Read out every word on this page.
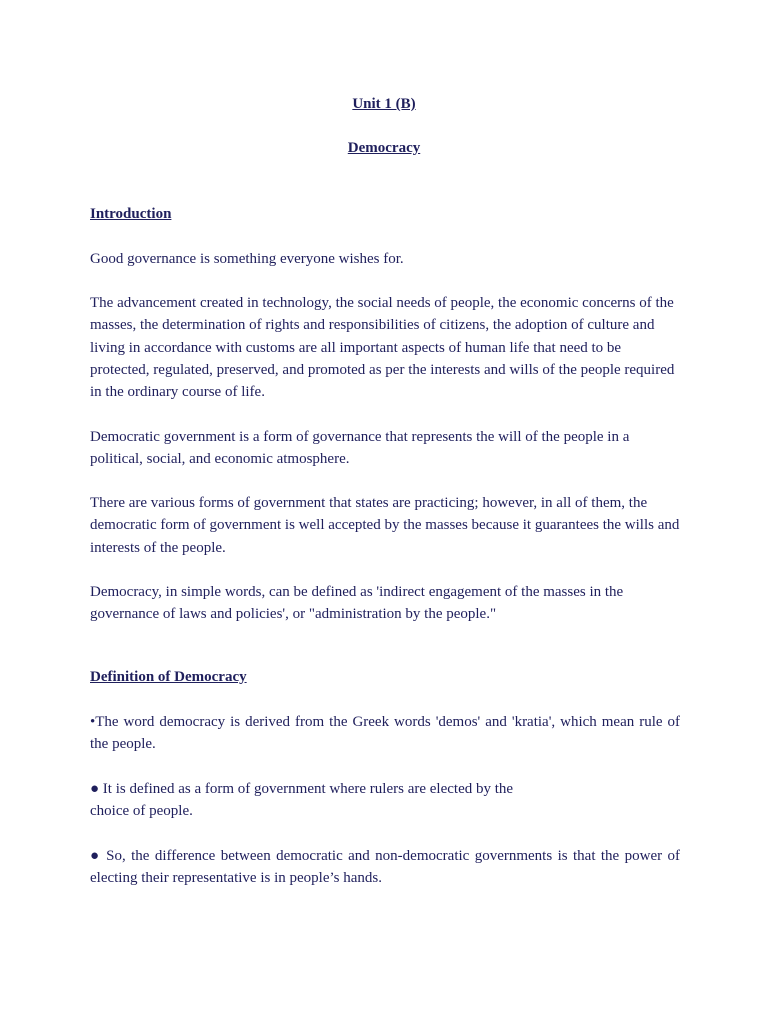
Unit 1 (B)
Democracy
Introduction

Good governance is something everyone wishes for.

The advancement created in technology, the social needs of people, the economic concerns of the masses, the determination of rights and responsibilities of citizens, the adoption of culture and living in accordance with customs are all important aspects of human life that need to be protected, regulated, preserved, and promoted as per the interests and wills of the people required in the ordinary course of life.

Democratic government is a form of governance that represents the will of the people in a political, social, and economic atmosphere.

There are various forms of government that states are practicing; however, in all of them, the democratic form of government is well accepted by the masses because it guarantees the wills and interests of the people.

Democracy, in simple words, can be defined as 'indirect engagement of the masses in the governance of laws and policies', or "administration by the people."

Definition of Democracy

•The word democracy is derived from the Greek words 'demos' and 'kratia', which mean rule of the people.

● It is defined as a form of government where rulers are elected by the
choice of people.

● So, the difference between democratic and non-democratic governments is that the power of electing their representative is in people’s hands.
